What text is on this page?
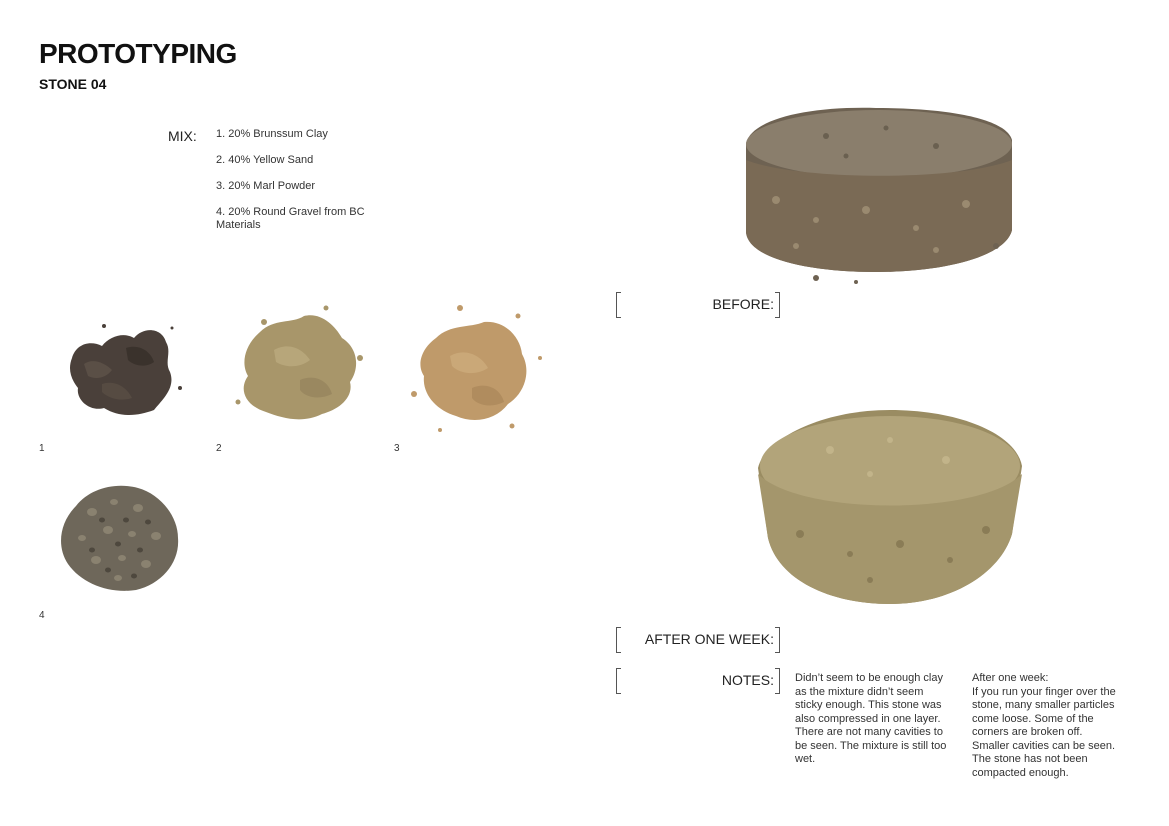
PROTOTYPING
STONE 04
MIX: 1. 20% Brunssum Clay
2. 40% Yellow Sand
3. 20% Marl Powder
4. 20% Round Gravel from BC Materials
1	2	3
4
BEFORE:
AFTER ONE WEEK:
NOTES: Didn’t seem to be enough clay as the mixture didn’t seem sticky enough. This stone was also compressed in one layer. There are not many cavities to be seen. The mixture is still too wet.

After one week:

If you run your finger over the stone, many smaller particles come loose. Some of the corners are broken off. Smaller cavities can be seen. The stone has not been compacted enough.
